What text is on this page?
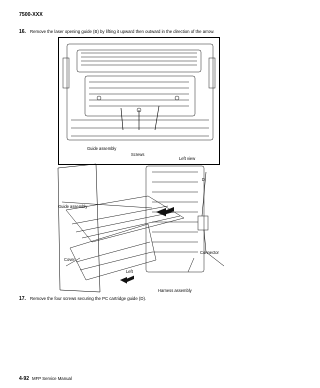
7500-XXX
16. Remove the laser opening guide (B) by lifting it upward then outward in the direction of the arrow.
Guide assembly
Screws
Left view
D
Guide assembly
Connector
Cover
Left
Harness assembly
17. Remove the four screws securing the PC cartridge guide (D).
4-92 MFP Service Manual
